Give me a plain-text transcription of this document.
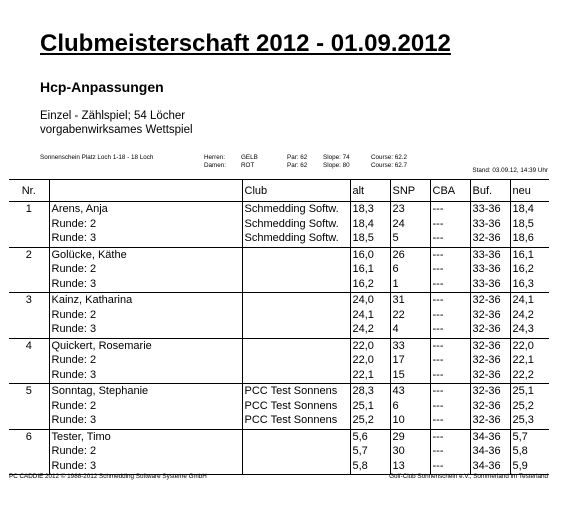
Clubmeisterschaft 2012 - 01.09.2012
Hcp-Anpassungen
Einzel - Zählspiel; 54 Löcher
vorgabenwirksames Wettspiel
Sonnenschein Platz Loch 1-18 - 18 Loch	Herren:	GELB	Par: 62 Slope: 74	Course: 62.2
Damen: ROT	Par: 62 Slope: 80	Course: 62.7
Stand: 03.09.12, 14:39 Uhr
Nr.		Club	alt	SNP	CBA	Buf.	neu
1	Arens, Anja	Schmedding Softw.	18,3	23	---	33-36	18,4
	Runde: 2	Schmedding Softw.	18,4	24	---	33-36	18,5
	Runde: 3	Schmedding Softw.	18,5	5	---	32-36	18,6
2	Golücke, Käthe		16,0	26	---	33-36	16,1
	Runde: 2		16,1	6	---	33-36	16,2
	Runde: 3		16,2	1	---	33-36	16,3
3	Kainz, Katharina		24,0	31	---	32-36	24,1
	Runde: 2		24,1	22	---	32-36	24,2
	Runde: 3		24,2	4	---	32-36	24,3
4	Quickert, Rosemarie		22,0	33	---	32-36	22,0
	Runde: 2		22,0	17	---	32-36	22,1
	Runde: 3		22,1	15	---	32-36	22,2
5	Sonntag, Stephanie	PCC Test Sonnens	28,3	43	---	32-36	25,1
	Runde: 2	PCC Test Sonnens	25,1	6	---	32-36	25,2
	Runde: 3	PCC Test Sonnens	25,2	10	---	32-36	25,3
6	Tester, Timo		5,6	29	---	34-36	5,7
	Runde: 2		5,7	30	---	34-36	5,8
	Runde: 3		5,8	13	---	34-36	5,9
PC CADDIE 2012 © 1988-2012 Schmedding Software Systeme GmbH	Golf-Club Sonnenschein e.V., Sommerland im Testerland
